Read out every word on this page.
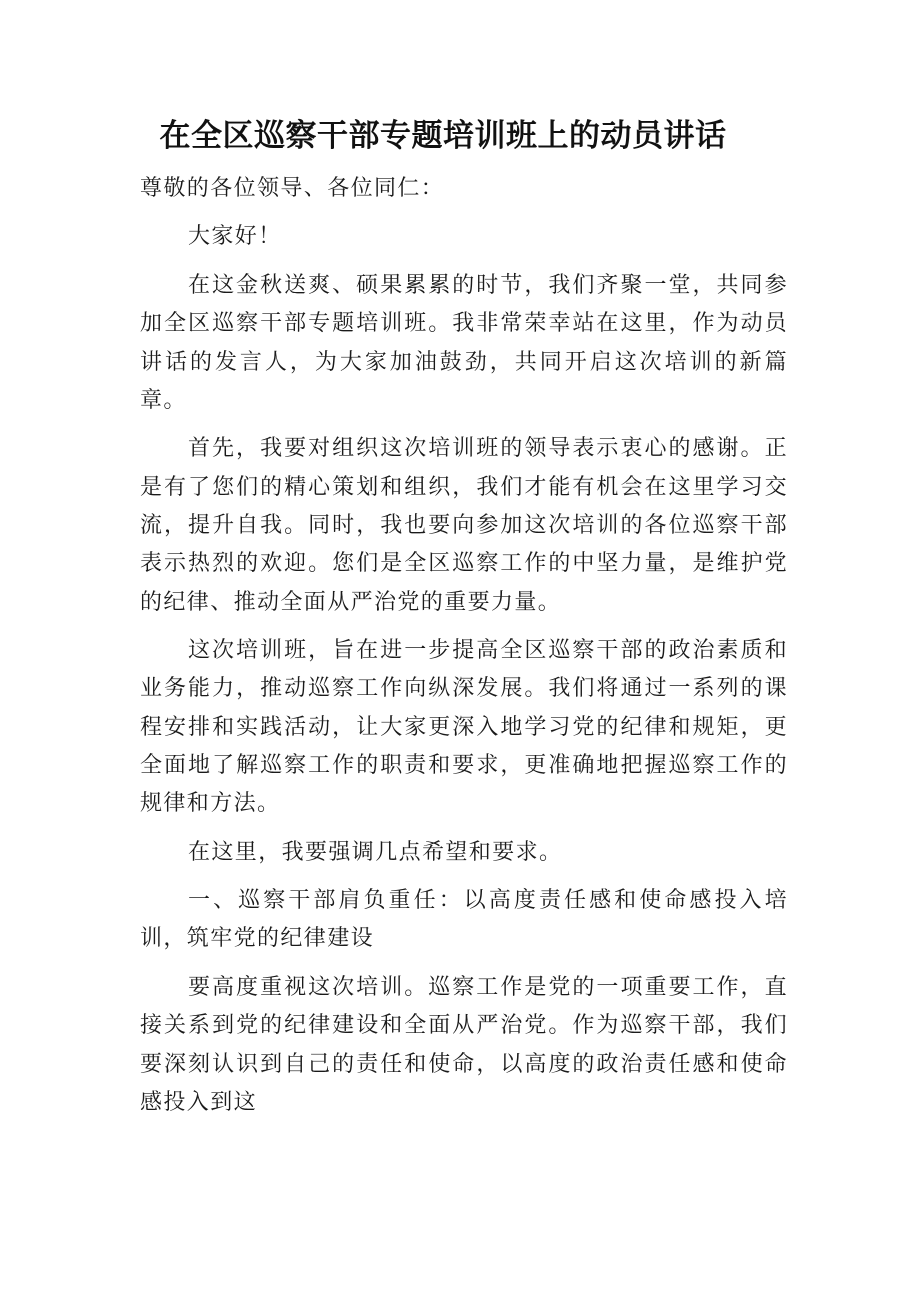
在全区巡察干部专题培训班上的动员讲话

尊敬的各位领导、各位同仁：

大家好！

在这金秋送爽、硕果累累的时节，我们齐聚一堂，共同参加全区巡察干部专题培训班。我非常荣幸站在这里，作为动员讲话的发言人，为大家加油鼓劲，共同开启这次培训的新篇章。

首先，我要对组织这次培训班的领导表示衷心的感谢。正是有了您们的精心策划和组织，我们才能有机会在这里学习交流，提升自我。同时，我也要向参加这次培训的各位巡察干部表示热烈的欢迎。您们是全区巡察工作的中坚力量，是维护党的纪律、推动全面从严治党的重要力量。

这次培训班，旨在进一步提高全区巡察干部的政治素质和业务能力，推动巡察工作向纵深发展。我们将通过一系列的课程安排和实践活动，让大家更深入地学习党的纪律和规矩，更全面地了解巡察工作的职责和要求，更准确地把握巡察工作的规律和方法。

在这里，我要强调几点希望和要求。

一、巡察干部肩负重任：以高度责任感和使命感投入培训，筑牢党的纪律建设

要高度重视这次培训。巡察工作是党的一项重要工作，直接关系到党的纪律建设和全面从严治党。作为巡察干部，我们要深刻认识到自己的责任和使命，以高度的政治责任感和使命感投入到这
